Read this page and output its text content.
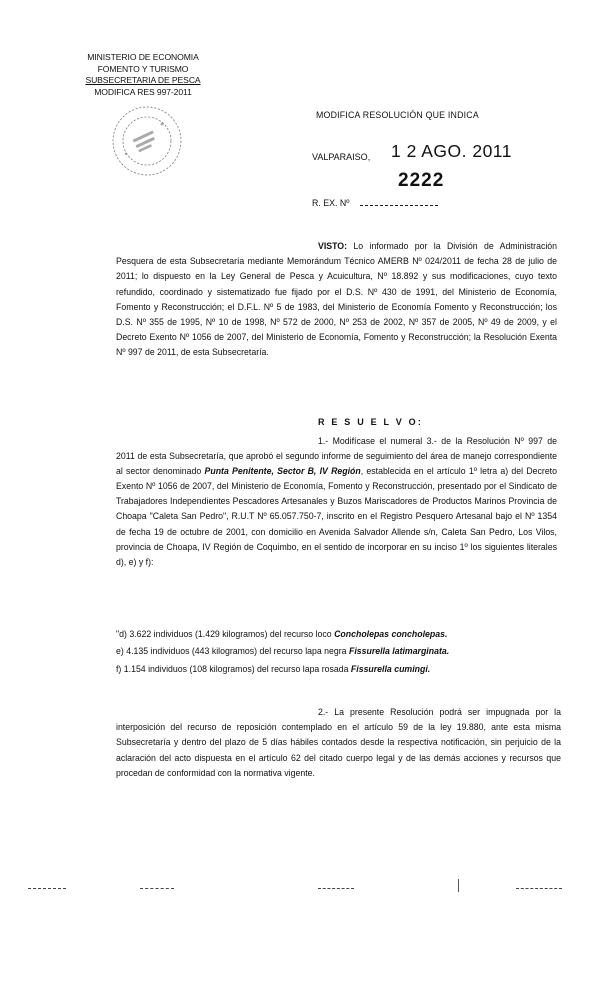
MINISTERIO DE ECONOMIA
FOMENTO Y TURISMO
SUBSECRETARIA DE PESCA
MODIFICA RES 997-2011
MODIFICA RESOLUCIÓN QUE INDICA
VALPARAISO, 1 2 AGO. 2011
2222
R. EX. Nº
VISTO: Lo informado por la División de Administración Pesquera de esta Subsecretaría mediante Memorándum Técnico AMERB Nº 024/2011 de fecha 28 de julio de 2011; lo dispuesto en la Ley General de Pesca y Acuicultura, Nº 18.892 y sus modificaciones, cuyo texto refundido, coordinado y sistematizado fue fijado por el D.S. Nº 430 de 1991, del Ministerio de Economía, Fomento y Reconstrucción; el D.F.L. Nº 5 de 1983, del Ministerio de Economía Fomento y Reconstrucción; los D.S. Nº 355 de 1995, Nº 10 de 1998, Nº 572 de 2000, Nº 253 de 2002, Nº 357 de 2005, Nº 49 de 2009, y el Decreto Exento Nº 1056 de 2007, del Ministerio de Economía, Fomento y Reconstrucción; la Resolución Exenta Nº 997 de 2011, de esta Subsecretaría.
R E S U E L V O:
1.- Modifícase el numeral 3.- de la Resolución Nº 997 de 2011 de esta Subsecretaría, que aprobó el segundo informe de seguimiento del área de manejo correspondiente al sector denominado Punta Penitente, Sector B, IV Región, establecida en el artículo 1º letra a) del Decreto Exento Nº 1056 de 2007, del Ministerio de Economía, Fomento y Reconstrucción, presentado por el Sindicato de Trabajadores Independientes Pescadores Artesanales y Buzos Mariscadores de Productos Marinos Provincia de Choapa "Caleta San Pedro", R.U.T Nº 65.057.750-7, inscrito en el Registro Pesquero Artesanal bajo el Nº 1354 de fecha 19 de octubre de 2001, con domicilio en Avenida Salvador Allende s/n, Caleta San Pedro, Los Vilos, provincia de Choapa, IV Región de Coquimbo, en el sentido de incorporar en su inciso 1º los siguientes literales d), e) y f):
"d) 3.622 individuos (1.429 kilogramos) del recurso loco Concholepas concholepas.
e) 4.135 individuos (443 kilogramos) del recurso lapa negra Fissurella latimarginata.
f) 1.154 individuos (108 kilogramos) del recurso lapa rosada Fissurella cumingi.
2.- La presente Resolución podrá ser impugnada por la interposición del recurso de reposición contemplado en el artículo 59 de la ley 19.880, ante esta misma Subsecretaría y dentro del plazo de 5 días hábiles contados desde la respectiva notificación, sin perjuicio de la aclaración del acto dispuesta en el artículo 62 del citado cuerpo legal y de las demás acciones y recursos que procedan de conformidad con la normativa vigente.
